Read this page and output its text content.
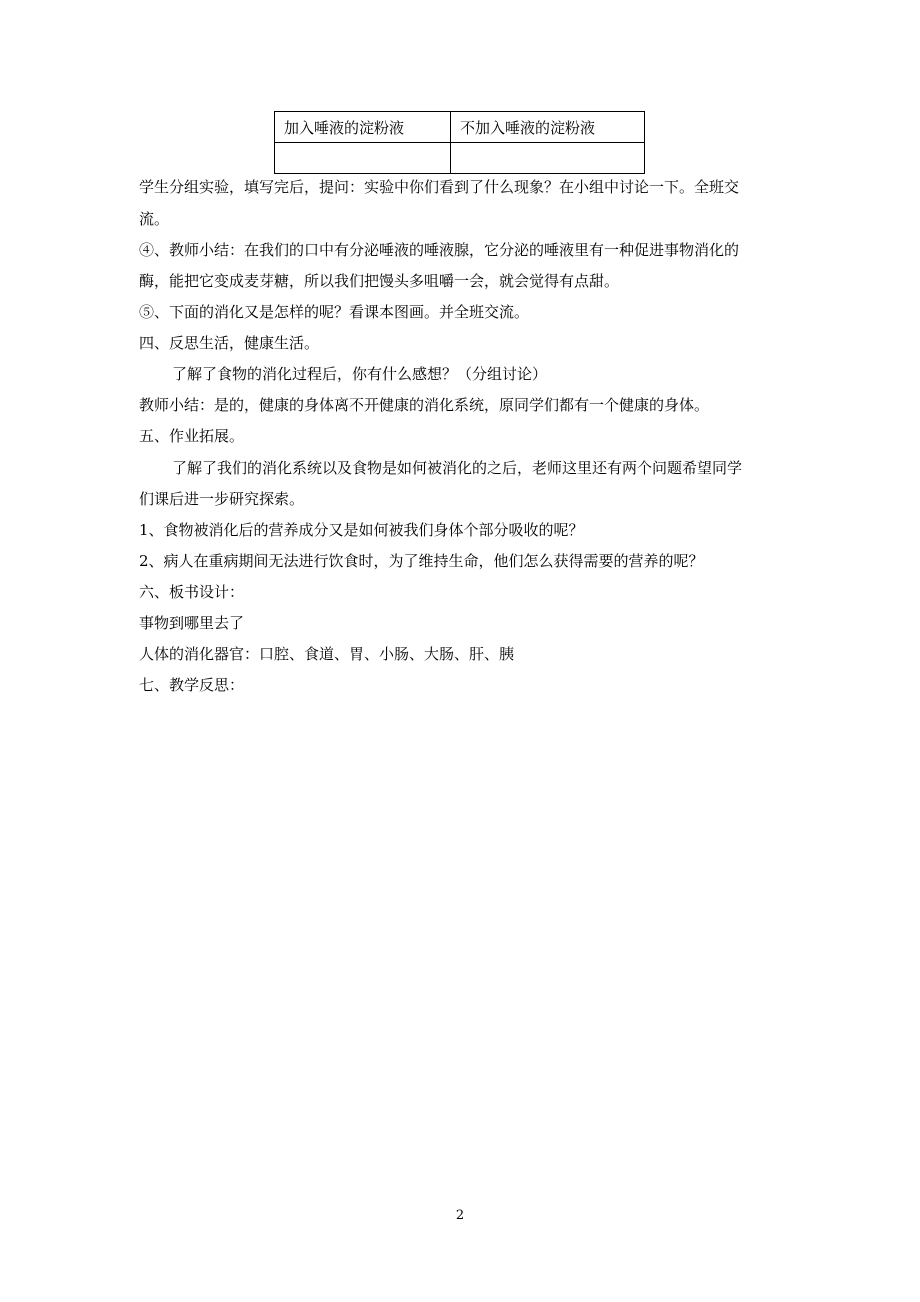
加入唾液的淀粉液	不加入唾液的淀粉液

学生分组实验，填写完后，提问：实验中你们看到了什么现象？在小组中讨论一下。全班交
流。
④、教师小结：在我们的口中有分泌唾液的唾液腺，它分泌的唾液里有一种促进事物消化的
酶，能把它变成麦芽糖，所以我们把馒头多咀嚼一会，就会觉得有点甜。
⑤、下面的消化又是怎样的呢？看课本图画。并全班交流。
四、反思生活，健康生活。
了解了食物的消化过程后，你有什么感想？（分组讨论）
教师小结：是的，健康的身体离不开健康的消化系统，原同学们都有一个健康的身体。
五、作业拓展。
了解了我们的消化系统以及食物是如何被消化的之后，老师这里还有两个问题希望同学
们课后进一步研究探索。
1、食物被消化后的营养成分又是如何被我们身体个部分吸收的呢？
2、病人在重病期间无法进行饮食时，为了维持生命，他们怎么获得需要的营养的呢？
六、板书设计：
事物到哪里去了
人体的消化器官：口腔、食道、胃、小肠、大肠、肝、胰
七、教学反思：
2
